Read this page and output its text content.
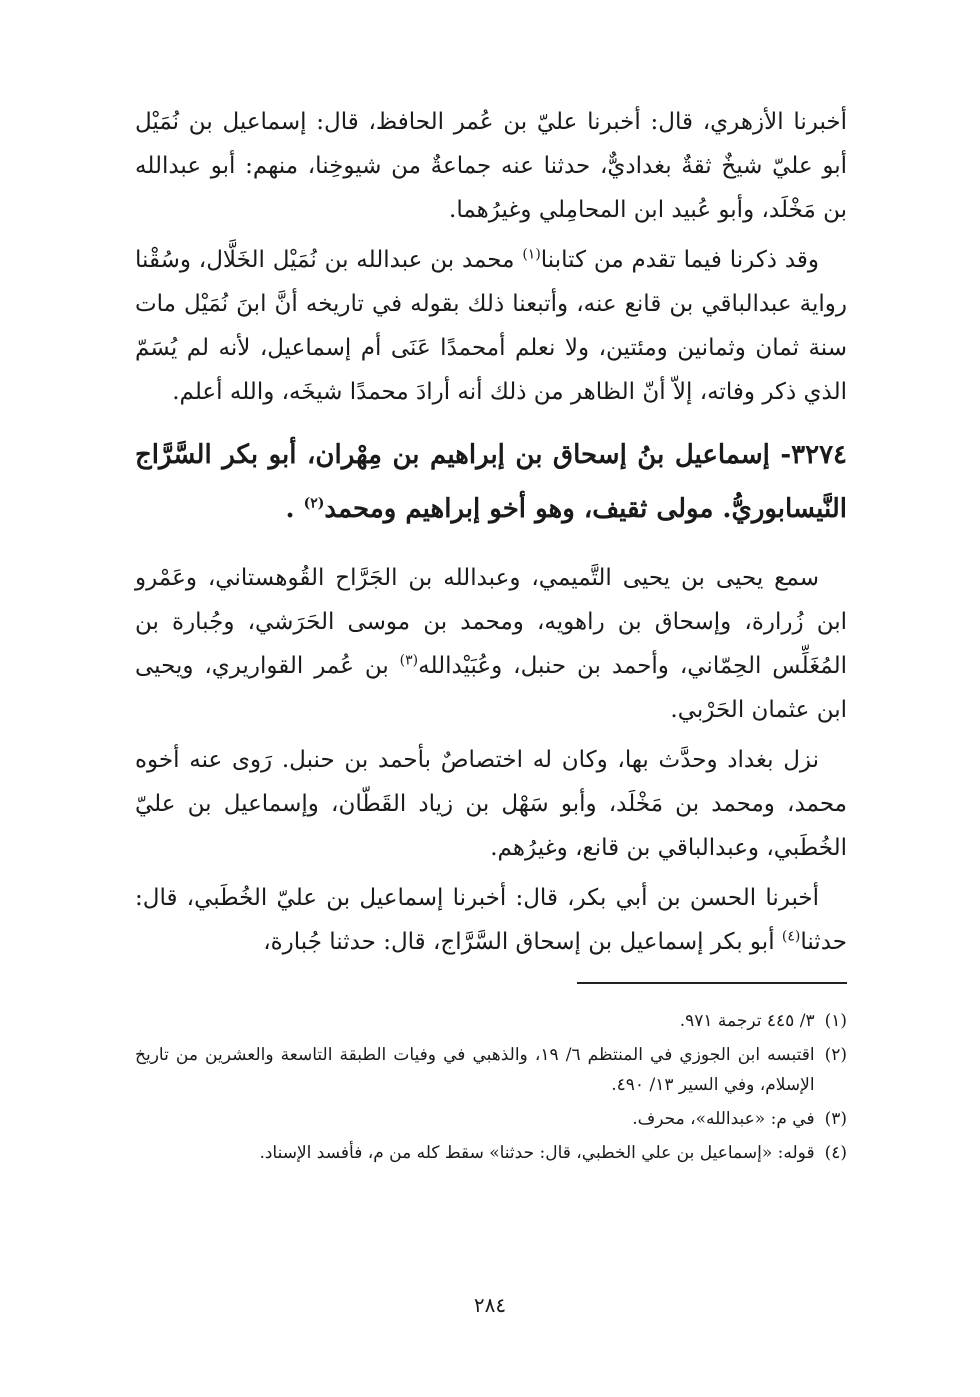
أخبرنا الأزهري، قال: أخبرنا عليّ بن عُمر الحافظ، قال: إسماعيل بن نُمَيْل أبو عليّ شيخٌ ثقةٌ بغداديٌّ، حدثنا عنه جماعةٌ من شيوخِنا، منهم: أبو عبدالله بن مَخْلَد، وأبو عُبيد ابن المحامِلي وغيرُهما.

وقد ذكرنا فيما تقدم من كتابنا$^{(١)}$ محمد بن عبدالله بن نُمَيْل الخَلَّال، وسُقْنا رواية عبدالباقي بن قانع عنه، وأتبعنا ذلك بقوله في تاريخه أنَّ ابنَ نُمَيْل مات سنة ثمان وثمانين ومئتين، ولا نعلم أمحمدًا عَنَى أم إسماعيل، لأنه لم يُسَمّ الذي ذكر وفاته، إلاّ أنّ الظاهر من ذلك أنه أرادَ محمدًا شيخَه، والله أعلم.

٣٢٧٤- إسماعيل بنُ إسحاق بن إبراهيم بن مِهْران، أبو بكر السَّرَّاج النَّيسابوريُّ. مولى ثقيف، وهو أخو إبراهيم ومحمد$^{(٢)}$ .

سمع يحيى بن يحيى التَّميمي، وعبدالله بن الجَرَّاح القُوهستاني، وعَمْرو ابن زُرارة، وإسحاق بن راهويه، ومحمد بن موسى الحَرَشي، وجُبارة بن المُغَلِّس الحِمّاني، وأحمد بن حنبل، وعُبَيْدالله$^{(٣)}$ بن عُمر القواريري، ويحيى ابن عثمان الحَرْبي.

نزل بغداد وحدَّث بها، وكان له اختصاصٌ بأحمد بن حنبل. رَوى عنه أخوه محمد، ومحمد بن مَخْلَد، وأبو سَهْل بن زياد القَطّان، وإسماعيل بن عليّ الخُطَبي، وعبدالباقي بن قانع، وغيرُهم.

أخبرنا الحسن بن أبي بكر، قال: أخبرنا إسماعيل بن عليّ الخُطَبي، قال: حدثنا$^{(٤)}$ أبو بكر إسماعيل بن إسحاق السَّرَّاج، قال: حدثنا جُبارة،

(١)
٣/ ٤٤٥ ترجمة ٩٧١.
(٢)
اقتبسه ابن الجوزي في المنتظم ٦/ ١٩، والذهبي في وفيات الطبقة التاسعة والعشرين من تاريخ الإسلام، وفي السير ١٣/ ٤٩٠.
(٣)
في م: «عبدالله»، محرف.
(٤)
قوله: «إسماعيل بن علي الخطبي، قال: حدثنا» سقط كله من م، فأفسد الإسناد.
٢٨٤
